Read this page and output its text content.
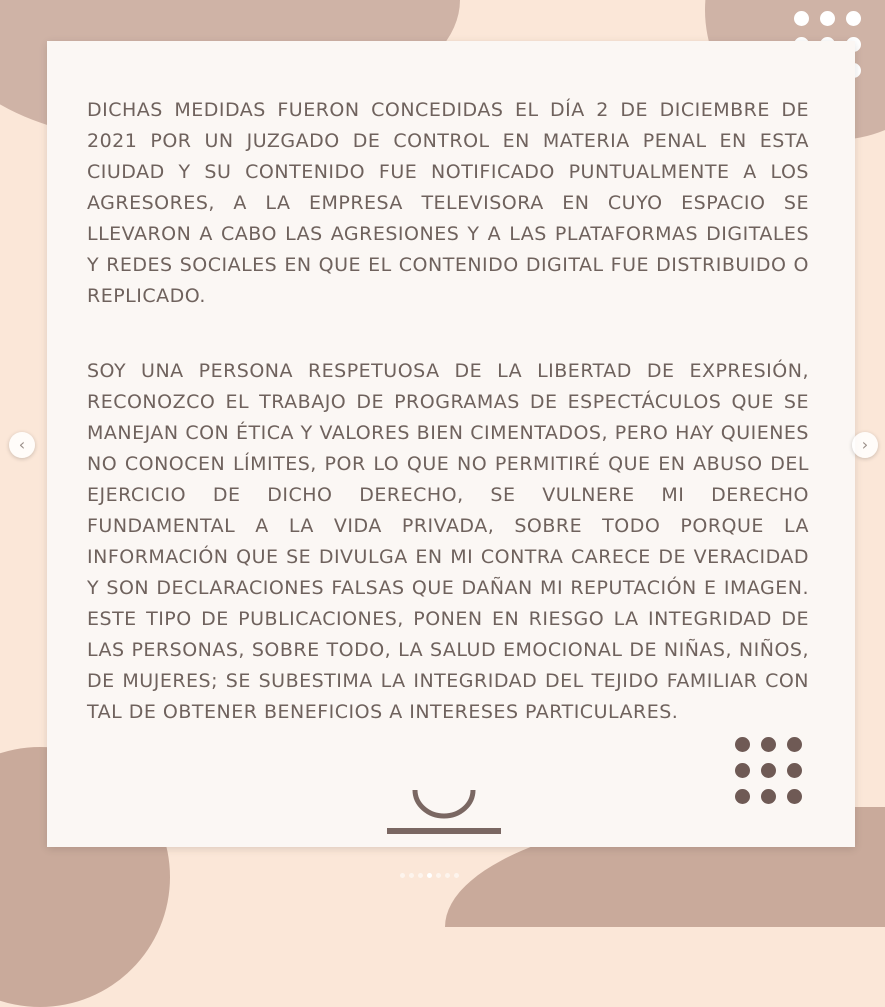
DICHAS MEDIDAS FUERON CONCEDIDAS EL DÍA 2 DE DICIEMBRE DE 2021 POR UN JUZGADO DE CONTROL EN MATERIA PENAL EN ESTA CIUDAD Y SU CONTENIDO FUE NOTIFICADO PUNTUALMENTE A LOS AGRESORES, A LA EMPRESA TELEVISORA EN CUYO ESPACIO SE LLEVARON A CABO LAS AGRESIONES Y A LAS PLATAFORMAS DIGITALES Y REDES SOCIALES EN QUE EL CONTENIDO DIGITAL FUE DISTRIBUIDO O REPLICADO.

SOY UNA PERSONA RESPETUOSA DE LA LIBERTAD DE EXPRESIÓN, RECONOZCO EL TRABAJO DE PROGRAMAS DE ESPECTÁCULOS QUE SE MANEJAN CON ÉTICA Y VALORES BIEN CIMENTADOS, PERO HAY QUIENES NO CONOCEN LÍMITES, POR LO QUE NO PERMITIRÉ QUE EN ABUSO DEL EJERCICIO DE DICHO DERECHO, SE VULNERE MI DERECHO FUNDAMENTAL A LA VIDA PRIVADA, SOBRE TODO PORQUE LA INFORMACIÓN QUE SE DIVULGA EN MI CONTRA CARECE DE VERACIDAD Y SON DECLARACIONES FALSAS QUE DAÑAN MI REPUTACIÓN E IMAGEN. ESTE TIPO DE PUBLICACIONES, PONEN EN RIESGO LA INTEGRIDAD DE LAS PERSONAS, SOBRE TODO, LA SALUD EMOCIONAL DE NIÑAS, NIÑOS, DE MUJERES; SE SUBESTIMA LA INTEGRIDAD DEL TEJIDO FAMILIAR CON TAL DE OBTENER BENEFICIOS A INTERESES PARTICULARES.

‹	›
